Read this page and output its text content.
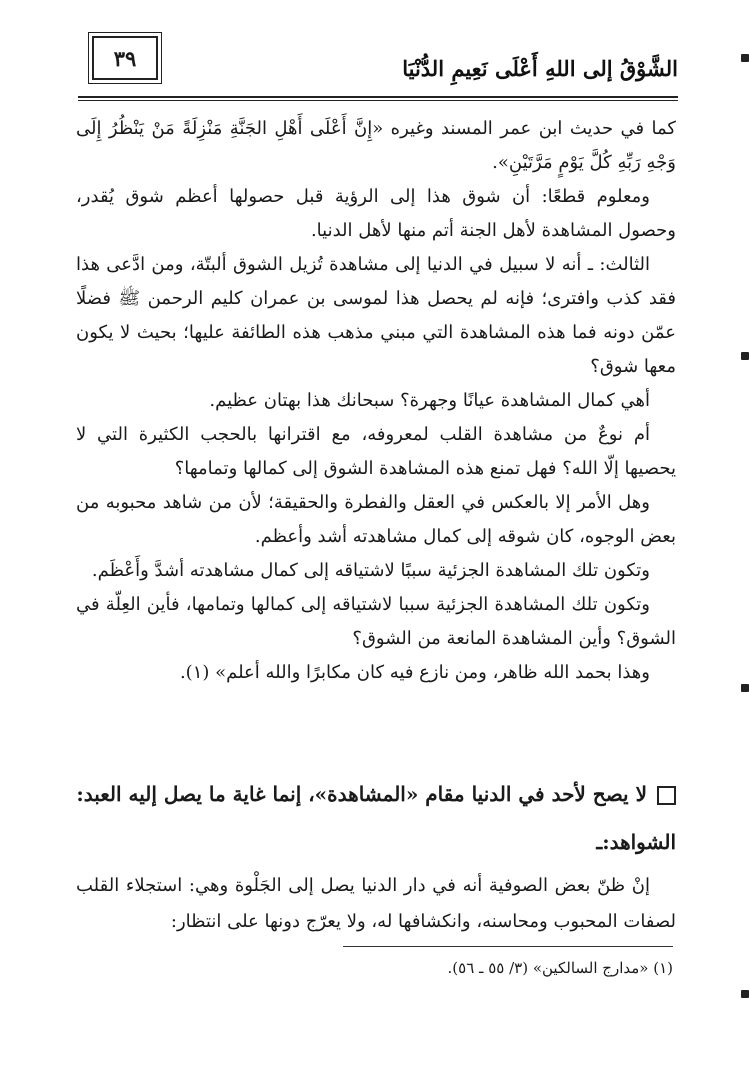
٣٩	الشَّوْقُ إلى اللهِ أَعْلَى نَعِيمِ الدُّنْيَا

كما في حديث ابن عمر المسند وغيره «إِنَّ أَعْلَى أَهْلِ الجَنَّةِ مَنْزِلَةً مَنْ يَنْظُرُ إِلَى وَجْهِ رَبِّهِ كُلَّ يَوْمٍ مَرَّتَيْنِ».

ومعلوم قطعًا: أن شوق هذا إلى الرؤية قبل حصولها أعظم شوق يُقدر، وحصول المشاهدة لأهل الجنة أتم منها لأهل الدنيا.

الثالث: ـ أنه لا سبيل في الدنيا إلى مشاهدة تُزيل الشوق ألبتّة، ومن ادَّعى هذا فقد كذب وافترى؛ فإنه لم يحصل هذا لموسى بن عمران كليم الرحمن ﷺ فضلًا عمّن دونه فما هذه المشاهدة التي مبني مذهب هذه الطائفة عليها؛ بحيث لا يكون معها شوق؟

أهي كمال المشاهدة عيانًا وجهرة؟ سبحانك هذا بهتان عظيم.

أم نوعٌ من مشاهدة القلب لمعروفه، مع اقترانها بالحجب الكثيرة التي لا يحصيها إلّا الله؟ فهل تمنع هذه المشاهدة الشوق إلى كمالها وتمامها؟

وهل الأمر إلا بالعكس في العقل والفطرة والحقيقة؛ لأن من شاهد محبوبه من بعض الوجوه، كان شوقه إلى كمال مشاهدته أشد وأعظم.

وتكون تلك المشاهدة الجزئية سببًا لاشتياقه إلى كمال مشاهدته أشدَّ وأَعْظَم.

وتكون تلك المشاهدة الجزئية سببا لاشتياقه إلى كمالها وتمامها، فأين العِلّة في الشوق؟ وأين المشاهدة المانعة من الشوق؟

وهذا بحمد الله ظاهر، ومن نازع فيه كان مكابرًا والله أعلم» (١).

لا يصح لأحد في الدنيا مقام «المشاهدة»، إنما غاية ما يصل إليه العبد: الشواهد:ـ

إنْ ظنّ بعض الصوفية أنه في دار الدنيا يصل إلى الجَلْوة وهي: استجلاء القلب لصفات المحبوب ومحاسنه، وانكشافها له، ولا يعرّج دونها على انتظار:

(١) «مدارج السالكين» (٣/ ٥٥ ـ ٥٦).
